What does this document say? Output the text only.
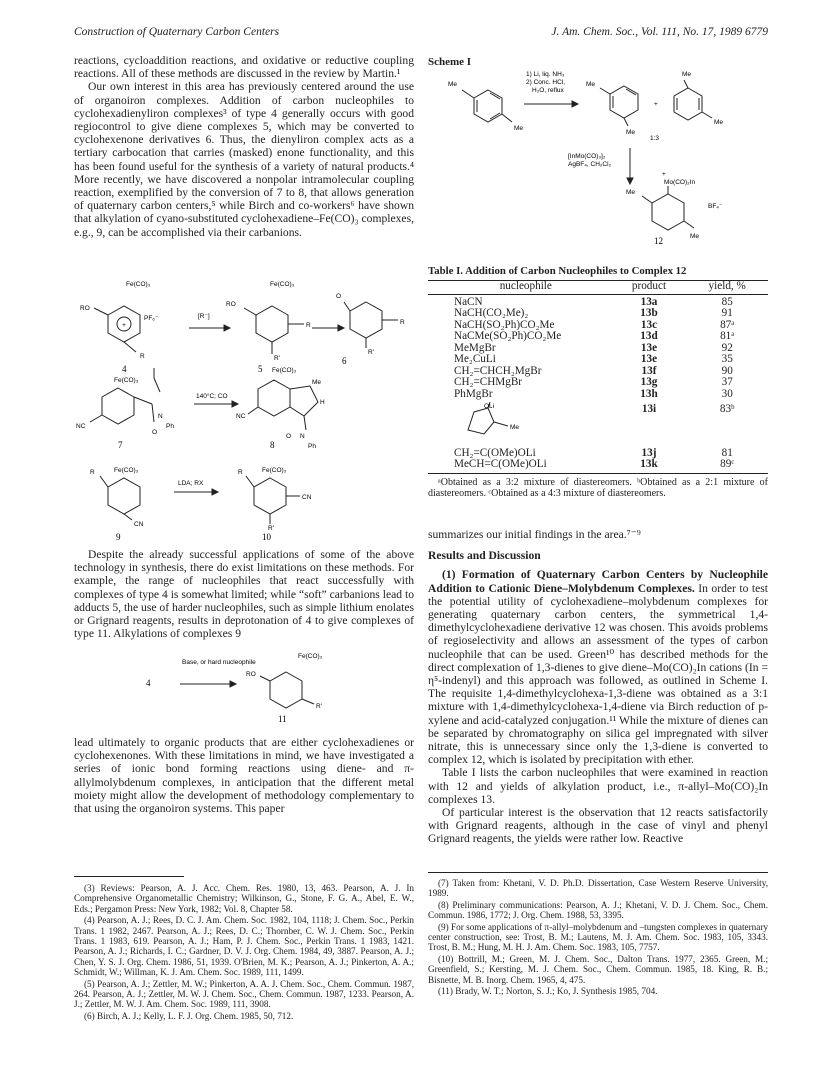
Construction of Quaternary Carbon Centers	J. Am. Chem. Soc., Vol. 111, No. 17, 1989 6779

reactions, cycloaddition reactions, and oxidative or reductive coupling reactions. All of these methods are discussed in the review by Martin.¹

Our own interest in this area has previously centered around the use of organoiron complexes. Addition of carbon nucleophiles to cyclohexadienyliron complexes³ of type 4 generally occurs with good regiocontrol to give diene complexes 5, which may be converted to cyclohexenone derivatives 6. Thus, the dienyliron complex acts as a tertiary carbocation that carries (masked) enone functionality, and this has been found useful for the synthesis of a variety of natural products.⁴ More recently, we have discovered a nonpolar intramolecular coupling reaction, exemplified by the conversion of 7 to 8, that allows generation of quaternary carbon centers,⁵ while Birch and co-workers⁶ have shown that alkylation of cyano-substituted cyclohexadiene–Fe(CO)₃ complexes, e.g., 9, can be accomplished via their carbanions.

+
Fe(CO)₃
RO
PF₆⁻
R
[R⁻]
Fe(CO)₃
RO
R
R'
O
R
R'
4	5
6
Fe(CO)₃
NC
N
Ph
O
7
140°C; CO
Fe(CO)₃
Me
H
NC
N
Ph
O
8
Fe(CO)₃
R
CN
9
LDA; RX
Fe(CO)₃
R
CN
R'
10

Despite the already successful applications of some of the above technology in synthesis, there do exist limitations on these methods. For example, the range of nucleophiles that react successfully with complexes of type 4 is somewhat limited; while “soft” carbanions lead to adducts 5, the use of harder nucleophiles, such as simple lithium enolates or Grignard reagents, results in deprotonation of 4 to give complexes of type 11. Alkylations of complexes 9

4
Base, or hard nucleophile
Fe(CO)₃
RO
R'
11

lead ultimately to organic products that are either cyclohexadienes or cyclohexenones. With these limitations in mind, we have investigated a series of ionic bond forming reactions using diene- and π-allylmolybdenum complexes, in anticipation that the different metal moiety might allow the development of methodology complementary to that using the organoiron systems. This paper

(3) Reviews: Pearson, A. J. Acc. Chem. Res. 1980, 13, 463. Pearson, A. J. In Comprehensive Organometallic Chemistry; Wilkinson, G., Stone, F. G. A., Abel, E. W., Eds.; Pergamon Press: New York, 1982; Vol. 8, Chapter 58.

(4) Pearson, A. J.; Rees, D. C. J. Am. Chem. Soc. 1982, 104, 1118; J. Chem. Soc., Perkin Trans. 1 1982, 2467. Pearson, A. J.; Rees, D. C.; Thornber, C. W. J. Chem. Soc., Perkin Trans. 1 1983, 619. Pearson, A. J.; Ham, P. J. Chem. Soc., Perkin Trans. 1 1983, 1421. Pearson, A. J.; Richards, I. C.; Gardner, D. V. J. Org. Chem. 1984, 49, 3887. Pearson, A. J.; Chen, Y. S. J. Org. Chem. 1986, 51, 1939. O'Brien, M. K.; Pearson, A. J.; Pinkerton, A. A.; Schmidt, W.; Willman, K. J. Am. Chem. Soc. 1989, 111, 1499.

(5) Pearson, A. J.; Zettler, M. W.; Pinkerton, A. A. J. Chem. Soc., Chem. Commun. 1987, 264. Pearson, A. J.; Zettler, M. W. J. Chem. Soc., Chem. Commun. 1987, 1233. Pearson, A. J.; Zettler, M. W. J. Am. Chem. Soc. 1989, 111, 3908.

(6) Birch, A. J.; Kelly, L. F. J. Org. Chem. 1985, 50, 712.

Scheme I
Me
Me
1) Li, liq. NH₃
2) Conc. HCl,
H₂O, reflux
Me
Me
+
Me
Me
1:3
[InMo(CO)₃]₂
AgBF₄, CH₂Cl₂
+
Mo(CO)₂In
Me
BF₄⁻
Me
12
Table I. Addition of Carbon Nucleophiles to Complex 12
nucleophile	product	yield, %

NaCN	13a	85
NaCH(CO₂Me)₂	13b	91
NaCH(SO₂Ph)CO₂Me	13c	87ᵃ
NaCMe(SO₂Ph)CO₂Me	13d	81ᵃ
MeMgBr	13e	92
Me₂CuLi	13e	35
CH₂=CHCH₂MgBr	13f	90
CH₂=CHMgBr	13g	37
PhMgBr	13h	30

OLi
Me	13i	83ᵇ
CH₂=C(OMe)OLi	13j	81
MeCH=C(OMe)OLi	13k	89ᶜ
ᵃObtained as a 3:2 mixture of diastereomers. ᵇObtained as a 2:1 mixture of diastereomers. ᶜObtained as a 4:3 mixture of diastereomers.

summarizes our initial findings in the area.⁷⁻⁹

Results and Discussion

(1) Formation of Quaternary Carbon Centers by Nucleophile Addition to Cationic Diene–Molybdenum Complexes. In order to test the potential utility of cyclohexadiene–molybdenum complexes for generating quaternary carbon centers, the symmetrical 1,4-dimethylcyclohexadiene derivative 12 was chosen. This avoids problems of regioselectivity and allows an assessment of the types of carbon nucleophile that can be used. Green¹⁰ has described methods for the direct complexation of 1,3-dienes to give diene–Mo(CO)₂In cations (In = η⁵-indenyl) and this approach was followed, as outlined in Scheme I. The requisite 1,4-dimethylcyclohexa-1,3-diene was obtained as a 3:1 mixture with 1,4-dimethylcyclohexa-1,4-diene via Birch reduction of p-xylene and acid-catalyzed conjugation.¹¹ While the mixture of dienes can be separated by chromatography on silica gel impregnated with silver nitrate, this is unnecessary since only the 1,3-diene is converted to complex 12, which is isolated by precipitation with ether.

Table I lists the carbon nucleophiles that were examined in reaction with 12 and yields of alkylation product, i.e., π-allyl–Mo(CO)₂In complexes 13.

Of particular interest is the observation that 12 reacts satisfactorily with Grignard reagents, although in the case of vinyl and phenyl Grignard reagents, the yields were rather low. Reactive

(7) Taken from: Khetani, V. D. Ph.D. Dissertation, Case Western Reserve University, 1989.

(8) Preliminary communications: Pearson, A. J.; Khetani, V. D. J. Chem. Soc., Chem. Commun. 1986, 1772; J. Org. Chem. 1988, 53, 3395.

(9) For some applications of π-allyl–molybdenum and –tungsten complexes in quaternary center construction, see: Trost, B. M.; Lautens, M. J. Am. Chem. Soc. 1983, 105, 3343. Trost, B. M.; Hung, M. H. J. Am. Chem. Soc. 1983, 105, 7757.

(10) Bottrill, M.; Green, M. J. Chem. Soc., Dalton Trans. 1977, 2365. Green, M.; Greenfield, S.; Kersting, M. J. Chem. Soc., Chem. Commun. 1985, 18. King, R. B.; Bisnette, M. B. Inorg. Chem. 1965, 4, 475.

(11) Brady, W. T.; Norton, S. J.; Ko, J. Synthesis 1985, 704.
